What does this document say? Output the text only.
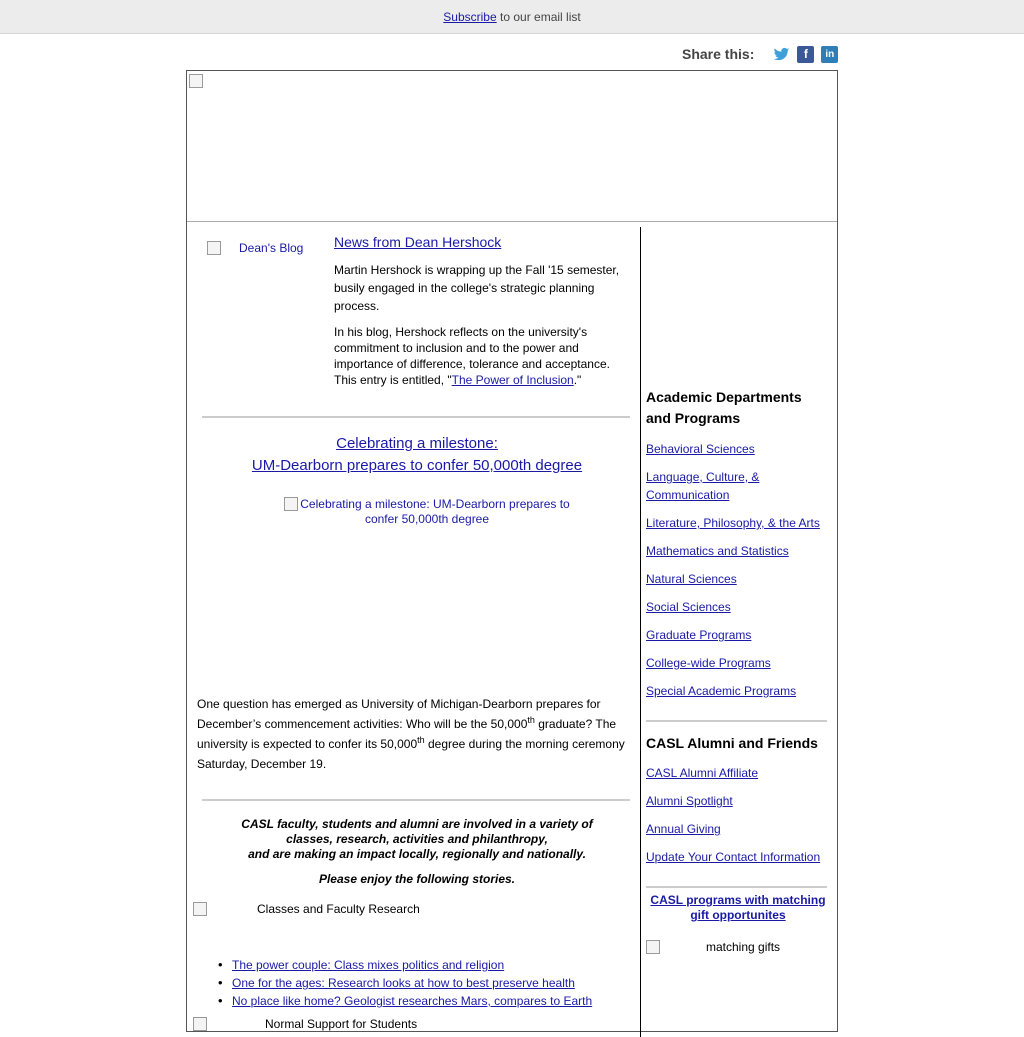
Subscribe to our email list
Share this:	f	in
Dean's Blog News from Dean Hershock

Martin Hershock is wrapping up the Fall '15 semester, busily engaged in the college's strategic planning process.

In his blog, Hershock reflects on the university's commitment to inclusion and to the power and importance of difference, tolerance and acceptance. This entry is entitled, "The Power of Inclusion."

Celebrating a milestone:
UM-Dearborn prepares to confer 50,000th degree
Celebrating a milestone: UM-Dearborn prepares to confer 50,000th degree
One question has emerged as University of Michigan-Dearborn prepares for December’s commencement activities: Who will be the 50,000th graduate? The university is expected to confer its 50,000th degree during the morning ceremony Saturday, December 19.
CASL faculty, students and alumni are involved in a variety of
classes, research, activities and philanthropy,
and are making an impact locally, regionally and nationally.
Please enjoy the following stories.
Classes and Faculty Research
• The power couple: Class mixes politics and religion
• One for the ages: Research looks at how to best preserve health
• No place like home? Geologist researches Mars, compares to Earth
Normal Support for Students
Academic Departments and Programs
Behavioral Sciences
Language, Culture, & Communication
Literature, Philosophy, & the Arts
Mathematics and Statistics
Natural Sciences
Social Sciences
Graduate Programs
College-wide Programs
Special Academic Programs
CASL Alumni and Friends
CASL Alumni Affiliate
Alumni Spotlight
Annual Giving
Update Your Contact Information
CASL programs with matching gift opportunites
matching gifts
